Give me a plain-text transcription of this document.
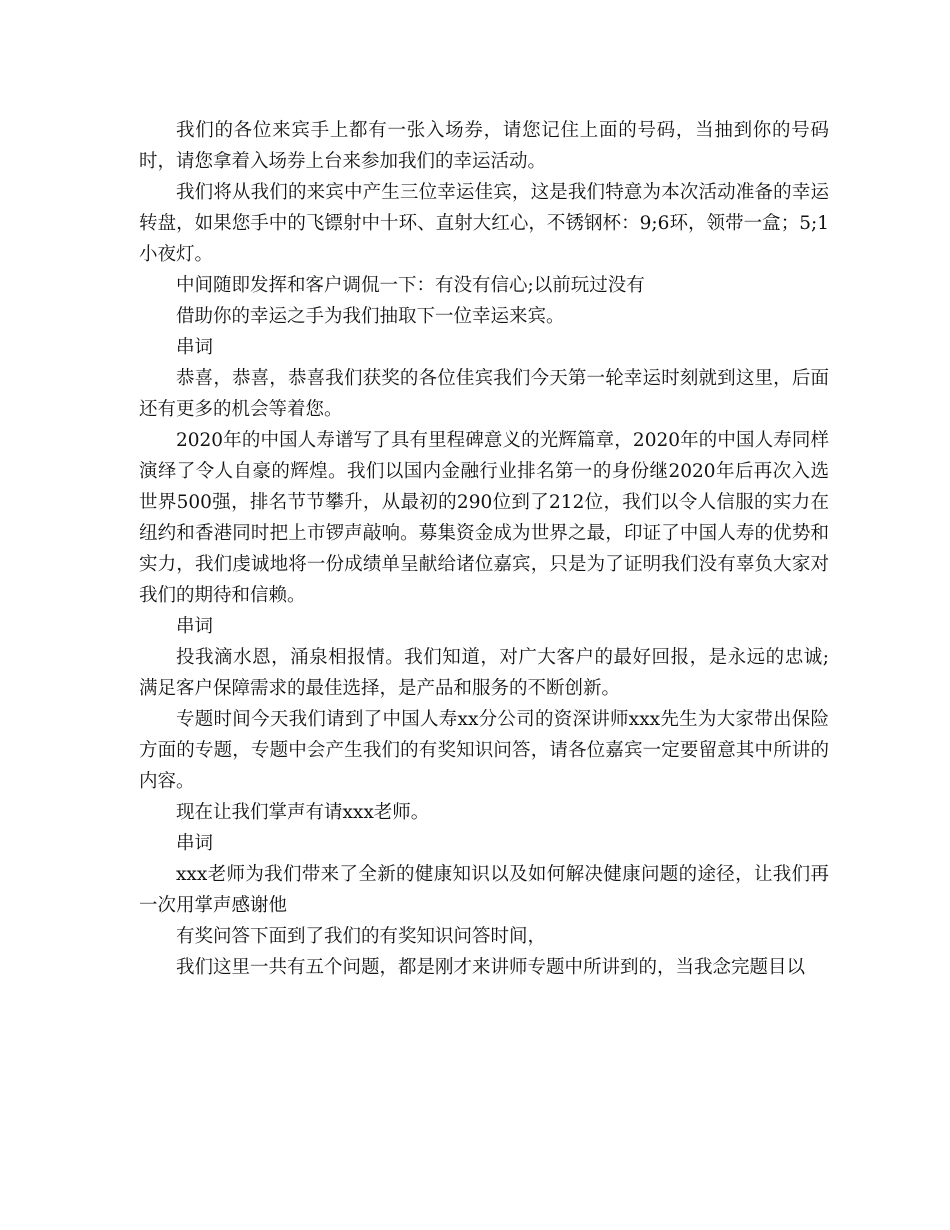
我们的各位来宾手上都有一张入场券，请您记住上面的号码，当抽到你的号码时，请您拿着入场券上台来参加我们的幸运活动。

我们将从我们的来宾中产生三位幸运佳宾，这是我们特意为本次活动准备的幸运转盘，如果您手中的飞镖射中十环、直射大红心，不锈钢杯：9;6环，领带一盒；5;1小夜灯。

中间随即发挥和客户调侃一下：有没有信心;以前玩过没有

借助你的幸运之手为我们抽取下一位幸运来宾。

串词

恭喜，恭喜，恭喜我们获奖的各位佳宾我们今天第一轮幸运时刻就到这里，后面还有更多的机会等着您。

2020年的中国人寿谱写了具有里程碑意义的光辉篇章，2020年的中国人寿同样演绎了令人自豪的辉煌。我们以国内金融行业排名第一的身份继2020年后再次入选世界500强，排名节节攀升，从最初的290位到了212位，我们以令人信服的实力在纽约和香港同时把上市锣声敲响。募集资金成为世界之最，印证了中国人寿的优势和实力，我们虔诚地将一份成绩单呈献给诸位嘉宾，只是为了证明我们没有辜负大家对我们的期待和信赖。

串词

投我滴水恩，涌泉相报情。我们知道，对广大客户的最好回报，是永远的忠诚;满足客户保障需求的最佳选择，是产品和服务的不断创新。

专题时间今天我们请到了中国人寿xx分公司的资深讲师xxx先生为大家带出保险方面的专题，专题中会产生我们的有奖知识问答，请各位嘉宾一定要留意其中所讲的内容。

现在让我们掌声有请xxx老师。

串词

xxx老师为我们带来了全新的健康知识以及如何解决健康问题的途径，让我们再一次用掌声感谢他

有奖问答下面到了我们的有奖知识问答时间，

我们这里一共有五个问题，都是刚才来讲师专题中所讲到的，当我念完题目以
